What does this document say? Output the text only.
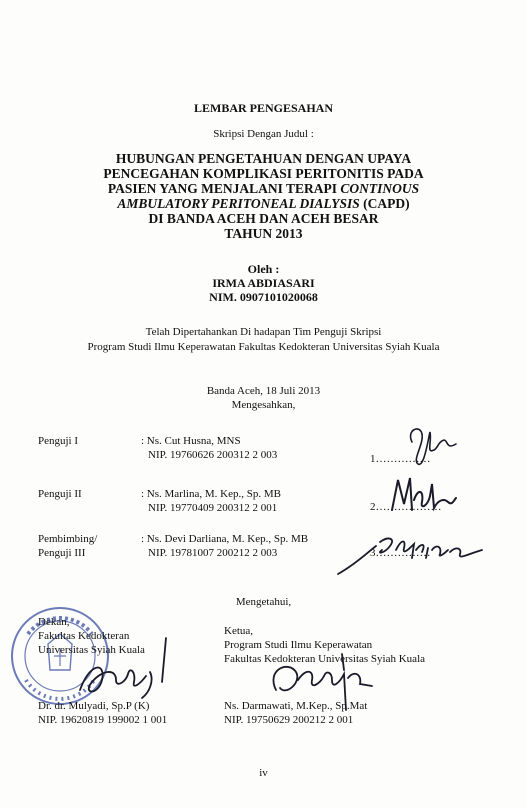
LEMBAR PENGESAHAN
Skripsi Dengan Judul :
HUBUNGAN PENGETAHUAN DENGAN UPAYA
PENCEGAHAN KOMPLIKASI PERITONITIS PADA
PASIEN YANG MENJALANI TERAPI CONTINOUS
AMBULATORY PERITONEAL DIALYSIS (CAPD)
DI BANDA ACEH DAN ACEH BESAR
TAHUN 2013
Oleh :
IRMA ABDIASARI
NIM. 0907101020068
Telah Dipertahankan Di hadapan Tim Penguji Skripsi
Program Studi Ilmu Keperawatan Fakultas Kedokteran Universitas Syiah Kuala
Banda Aceh, 18 Juli 2013
Mengesahkan,
Penguji I	: Ns. Cut Husna, MNS
NIP. 19760626 200312 2 003	1……………
Penguji II	: Ns. Marlina, M. Kep., Sp. MB
NIP. 19770409 200312 2 001	2………………
Pembimbing/
Penguji III
: Ns. Devi Darliana, M. Kep., Sp. MB
NIP. 19781007 200212 2 003	3……………
Mengetahui,
Dekan,
Fakultas Kedokteran
Universitas Syiah Kuala
Dr. dr. Mulyadi, Sp.P (K)
NIP. 19620819 199002 1 001
Ketua,
Program Studi Ilmu Keperawatan
Fakultas Kedokteran Universitas Syiah Kuala
Ns. Darmawati, M.Kep., Sp.Mat
NIP. 19750629 200212 2 001
iv
